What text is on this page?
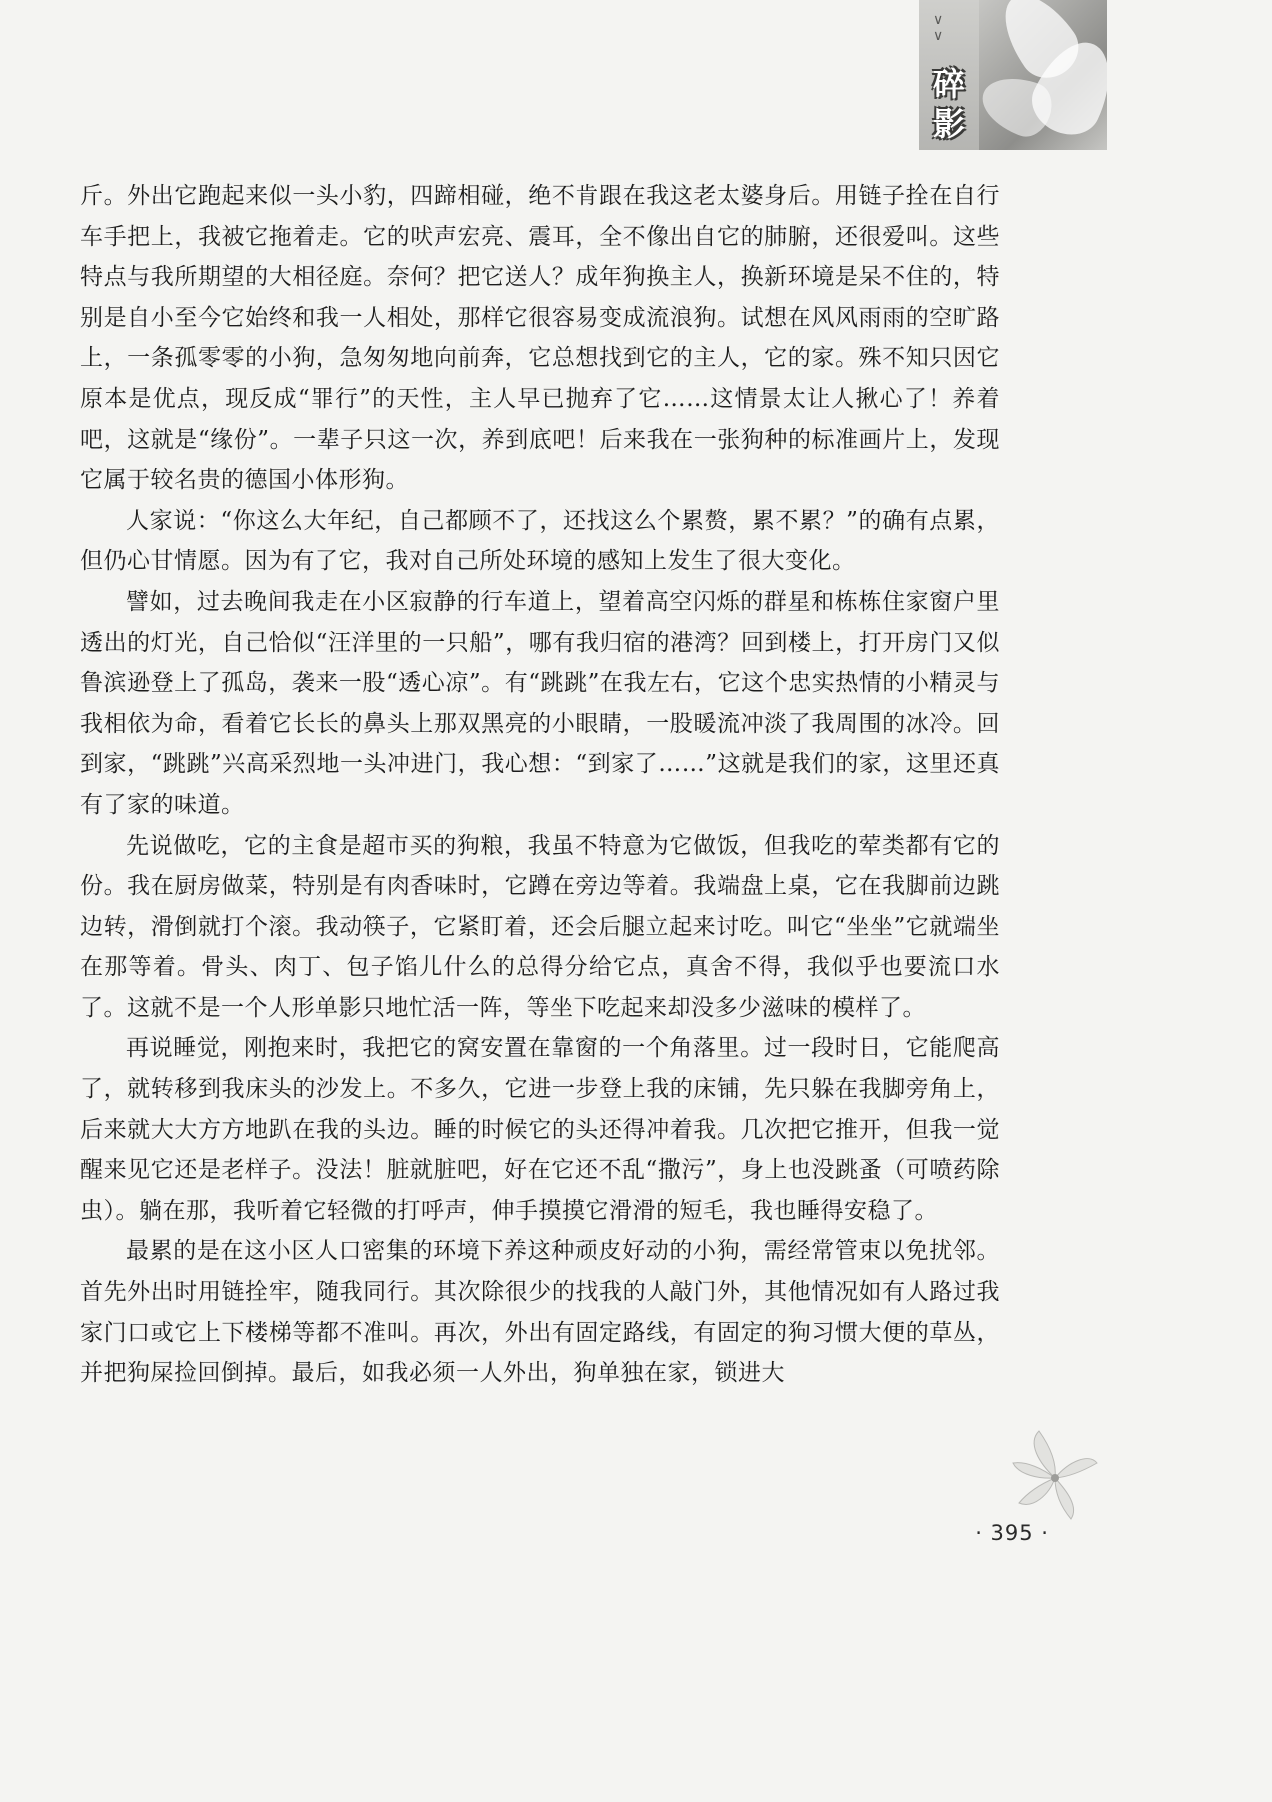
∨
∨
碎
影

斤。外出它跑起来似一头小豹，四蹄相碰，绝不肯跟在我这老太婆身后。用链子拴在自行车手把上，我被它拖着走。它的吠声宏亮、震耳，全不像出自它的肺腑，还很爱叫。这些特点与我所期望的大相径庭。奈何？把它送人？成年狗换主人，换新环境是呆不住的，特别是自小至今它始终和我一人相处，那样它很容易变成流浪狗。试想在风风雨雨的空旷路上，一条孤零零的小狗，急匆匆地向前奔，它总想找到它的主人，它的家。殊不知只因它原本是优点，现反成“罪行”的天性，主人早已抛弃了它……这情景太让人揪心了！养着吧，这就是“缘份”。一辈子只这一次，养到底吧！后来我在一张狗种的标准画片上，发现它属于较名贵的德国小体形狗。

人家说：“你这么大年纪，自己都顾不了，还找这么个累赘，累不累？”的确有点累，但仍心甘情愿。因为有了它，我对自己所处环境的感知上发生了很大变化。

譬如，过去晚间我走在小区寂静的行车道上，望着高空闪烁的群星和栋栋住家窗户里透出的灯光，自己恰似“汪洋里的一只船”，哪有我归宿的港湾？回到楼上，打开房门又似鲁滨逊登上了孤岛，袭来一股“透心凉”。有“跳跳”在我左右，它这个忠实热情的小精灵与我相依为命，看着它长长的鼻头上那双黑亮的小眼睛，一股暖流冲淡了我周围的冰冷。回到家，“跳跳”兴高采烈地一头冲进门，我心想：“到家了……”这就是我们的家，这里还真有了家的味道。

先说做吃，它的主食是超市买的狗粮，我虽不特意为它做饭，但我吃的荤类都有它的份。我在厨房做菜，特别是有肉香味时，它蹲在旁边等着。我端盘上桌，它在我脚前边跳边转，滑倒就打个滚。我动筷子，它紧盯着，还会后腿立起来讨吃。叫它“坐坐”它就端坐在那等着。骨头、肉丁、包子馅儿什么的总得分给它点，真舍不得，我似乎也要流口水了。这就不是一个人形单影只地忙活一阵，等坐下吃起来却没多少滋味的模样了。

再说睡觉，刚抱来时，我把它的窝安置在靠窗的一个角落里。过一段时日，它能爬高了，就转移到我床头的沙发上。不多久，它进一步登上我的床铺，先只躲在我脚旁角上，后来就大大方方地趴在我的头边。睡的时候它的头还得冲着我。几次把它推开，但我一觉醒来见它还是老样子。没法！脏就脏吧，好在它还不乱“撒污”，身上也没跳蚤（可喷药除虫）。躺在那，我听着它轻微的打呼声，伸手摸摸它滑滑的短毛，我也睡得安稳了。

最累的是在这小区人口密集的环境下养这种顽皮好动的小狗，需经常管束以免扰邻。首先外出时用链拴牢，随我同行。其次除很少的找我的人敲门外，其他情况如有人路过我家门口或它上下楼梯等都不准叫。再次，外出有固定路线，有固定的狗习惯大便的草丛，并把狗屎捡回倒掉。最后，如我必须一人外出，狗单独在家，锁进大

· 395 ·
